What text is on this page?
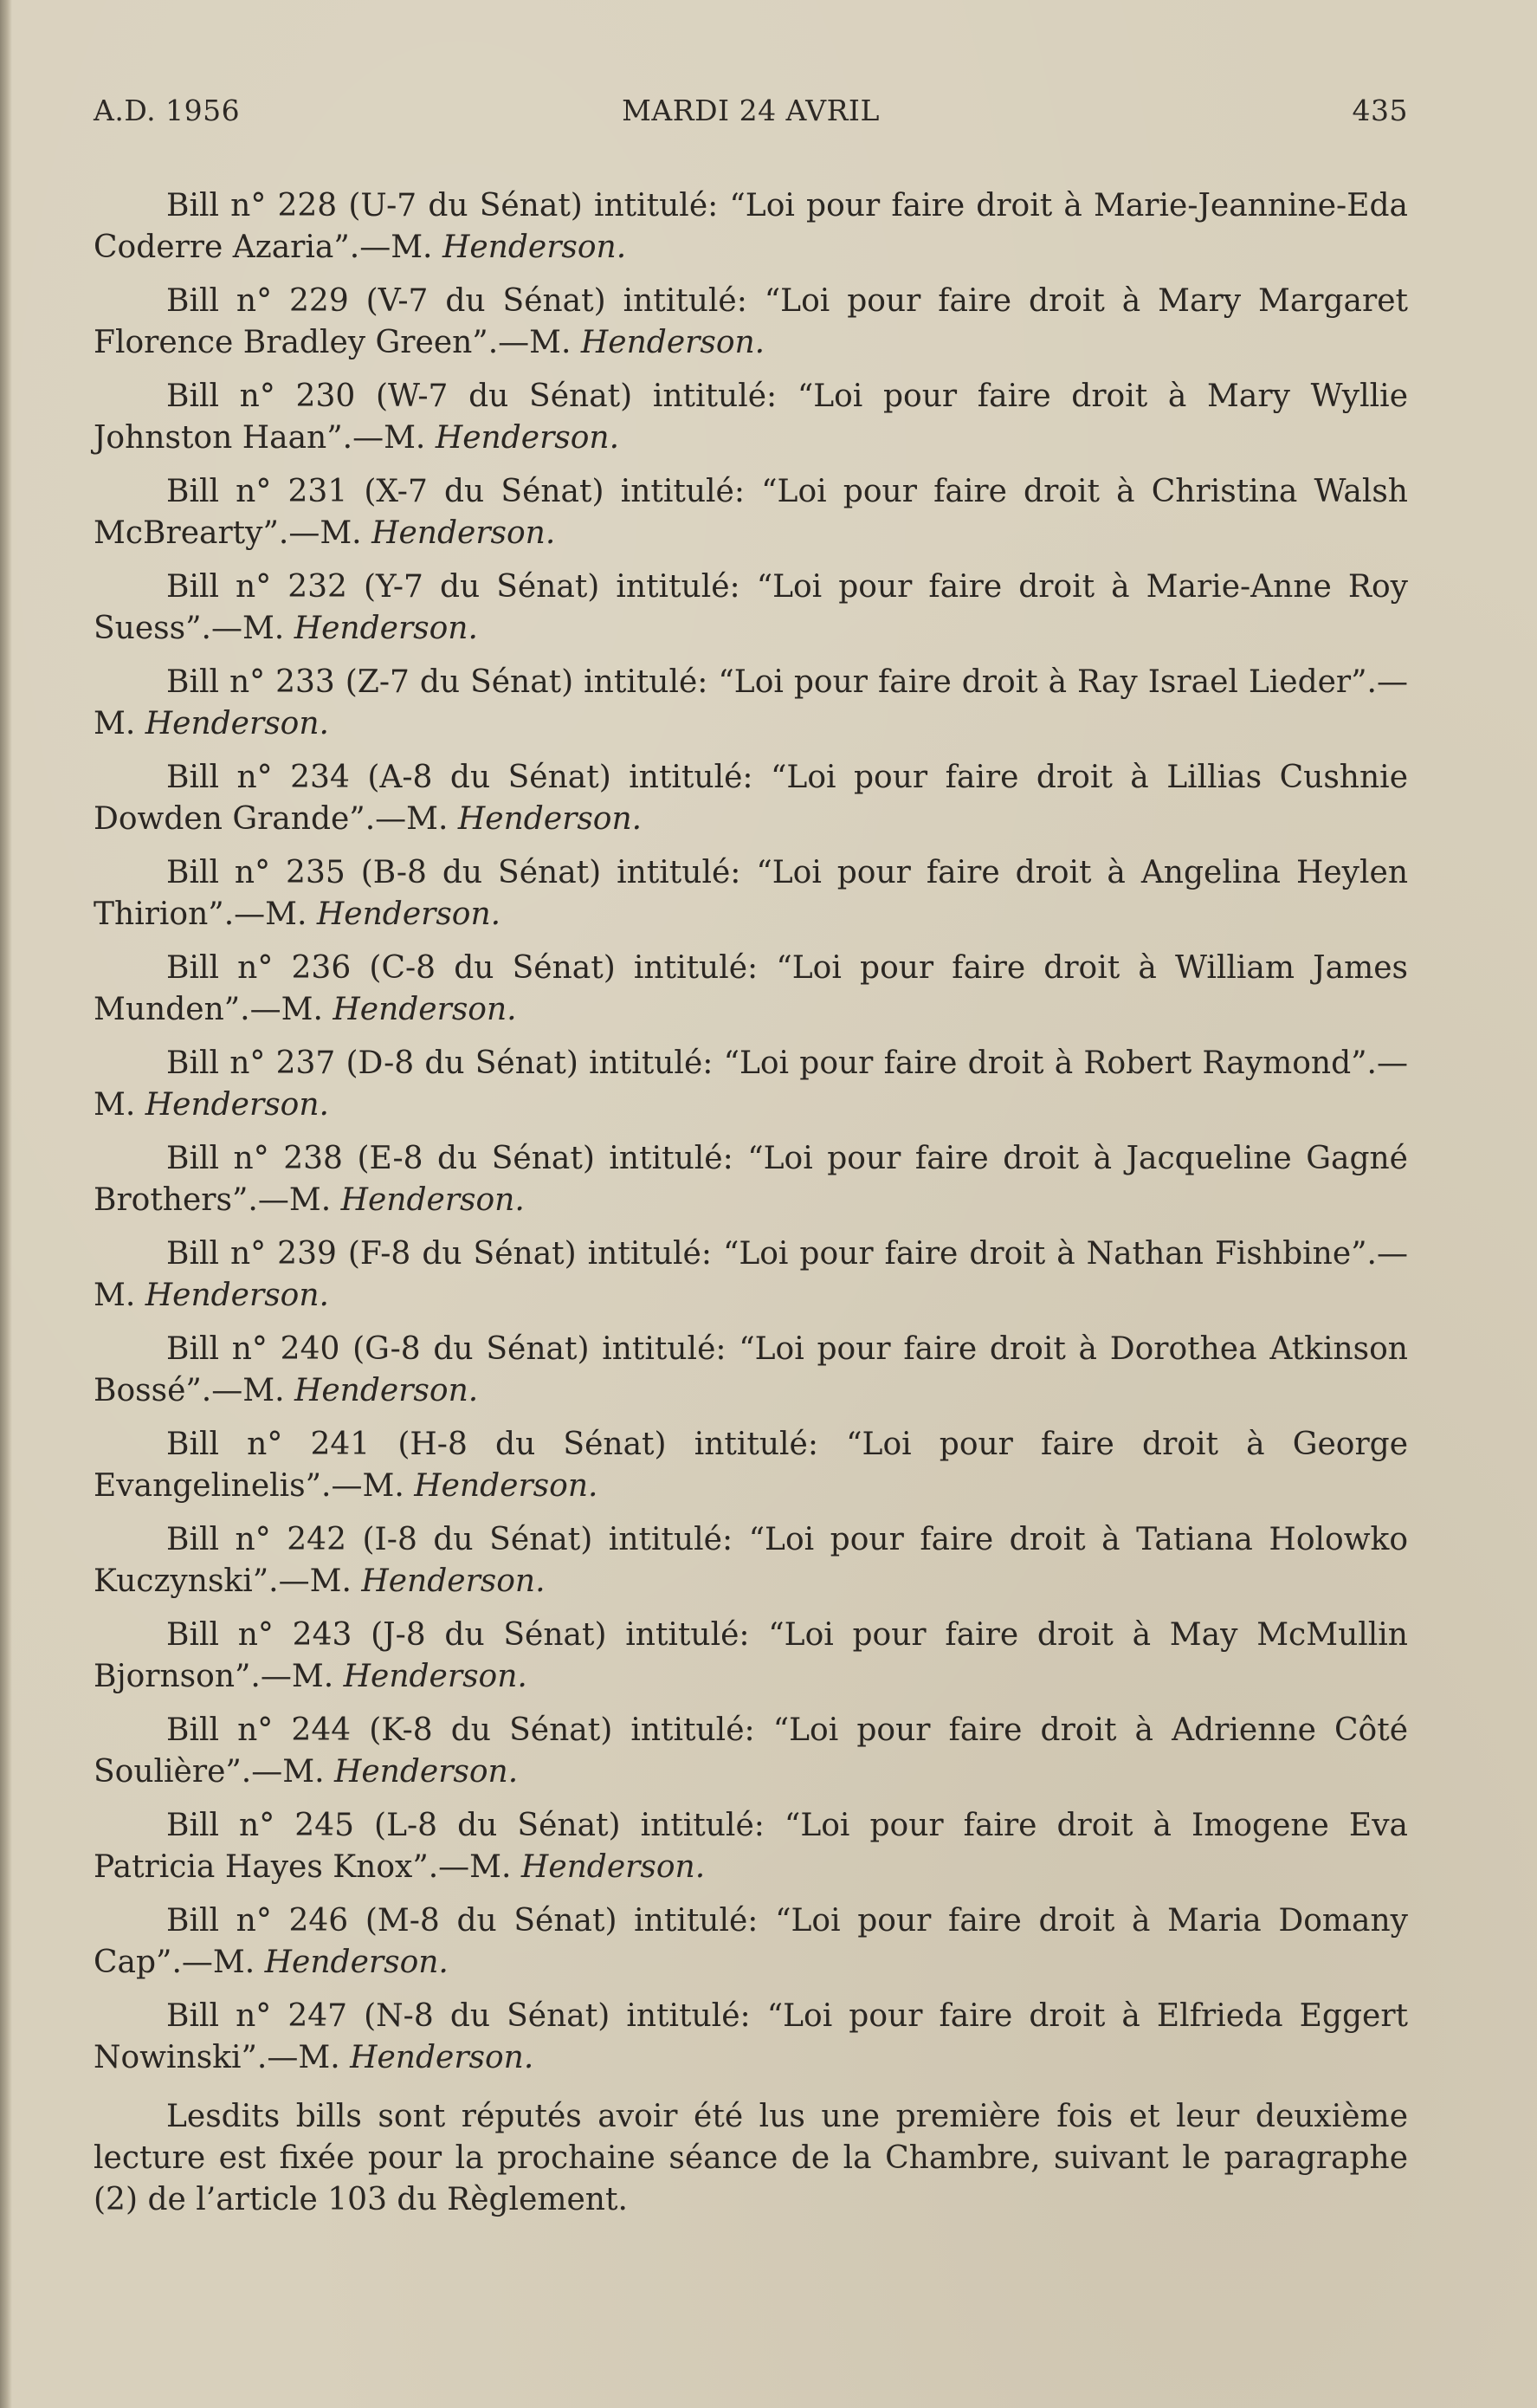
A.D. 1956	MARDI 24 AVRIL	435

Bill n° 228 (U-7 du Sénat) intitulé: “Loi pour faire droit à Marie-Jeannine-Eda Coderre Azaria”.—M. Henderson.

Bill n° 229 (V-7 du Sénat) intitulé: “Loi pour faire droit à Mary Margaret Florence Bradley Green”.—M. Henderson.

Bill n° 230 (W-7 du Sénat) intitulé: “Loi pour faire droit à Mary Wyllie Johnston Haan”.—M. Henderson.

Bill n° 231 (X-7 du Sénat) intitulé: “Loi pour faire droit à Christina Walsh McBrearty”.—M. Henderson.

Bill n° 232 (Y-7 du Sénat) intitulé: “Loi pour faire droit à Marie-Anne Roy Suess”.—M. Henderson.

Bill n° 233 (Z-7 du Sénat) intitulé: “Loi pour faire droit à Ray Israel Lieder”.—M. Henderson.

Bill n° 234 (A-8 du Sénat) intitulé: “Loi pour faire droit à Lillias Cushnie Dowden Grande”.—M. Henderson.

Bill n° 235 (B-8 du Sénat) intitulé: “Loi pour faire droit à Angelina Heylen Thirion”.—M. Henderson.

Bill n° 236 (C-8 du Sénat) intitulé: “Loi pour faire droit à William James Munden”.—M. Henderson.

Bill n° 237 (D-8 du Sénat) intitulé: “Loi pour faire droit à Robert Raymond”.—M. Henderson.

Bill n° 238 (E-8 du Sénat) intitulé: “Loi pour faire droit à Jacqueline Gagné Brothers”.—M. Henderson.

Bill n° 239 (F-8 du Sénat) intitulé: “Loi pour faire droit à Nathan Fishbine”.—M. Henderson.

Bill n° 240 (G-8 du Sénat) intitulé: “Loi pour faire droit à Dorothea Atkinson Bossé”.—M. Henderson.

Bill n° 241 (H-8 du Sénat) intitulé: “Loi pour faire droit à George Evangelinelis”.—M. Henderson.

Bill n° 242 (I-8 du Sénat) intitulé: “Loi pour faire droit à Tatiana Holowko Kuczynski”.—M. Henderson.

Bill n° 243 (J-8 du Sénat) intitulé: “Loi pour faire droit à May McMullin Bjornson”.—M. Henderson.

Bill n° 244 (K-8 du Sénat) intitulé: “Loi pour faire droit à Adrienne Côté Soulière”.—M. Henderson.

Bill n° 245 (L-8 du Sénat) intitulé: “Loi pour faire droit à Imogene Eva Patricia Hayes Knox”.—M. Henderson.

Bill n° 246 (M-8 du Sénat) intitulé: “Loi pour faire droit à Maria Domany Cap”.—M. Henderson.

Bill n° 247 (N-8 du Sénat) intitulé: “Loi pour faire droit à Elfrieda Eggert Nowinski”.—M. Henderson.

Lesdits bills sont réputés avoir été lus une première fois et leur deuxième lecture est fixée pour la prochaine séance de la Chambre, suivant le paragraphe (2) de l’article 103 du Règlement.
